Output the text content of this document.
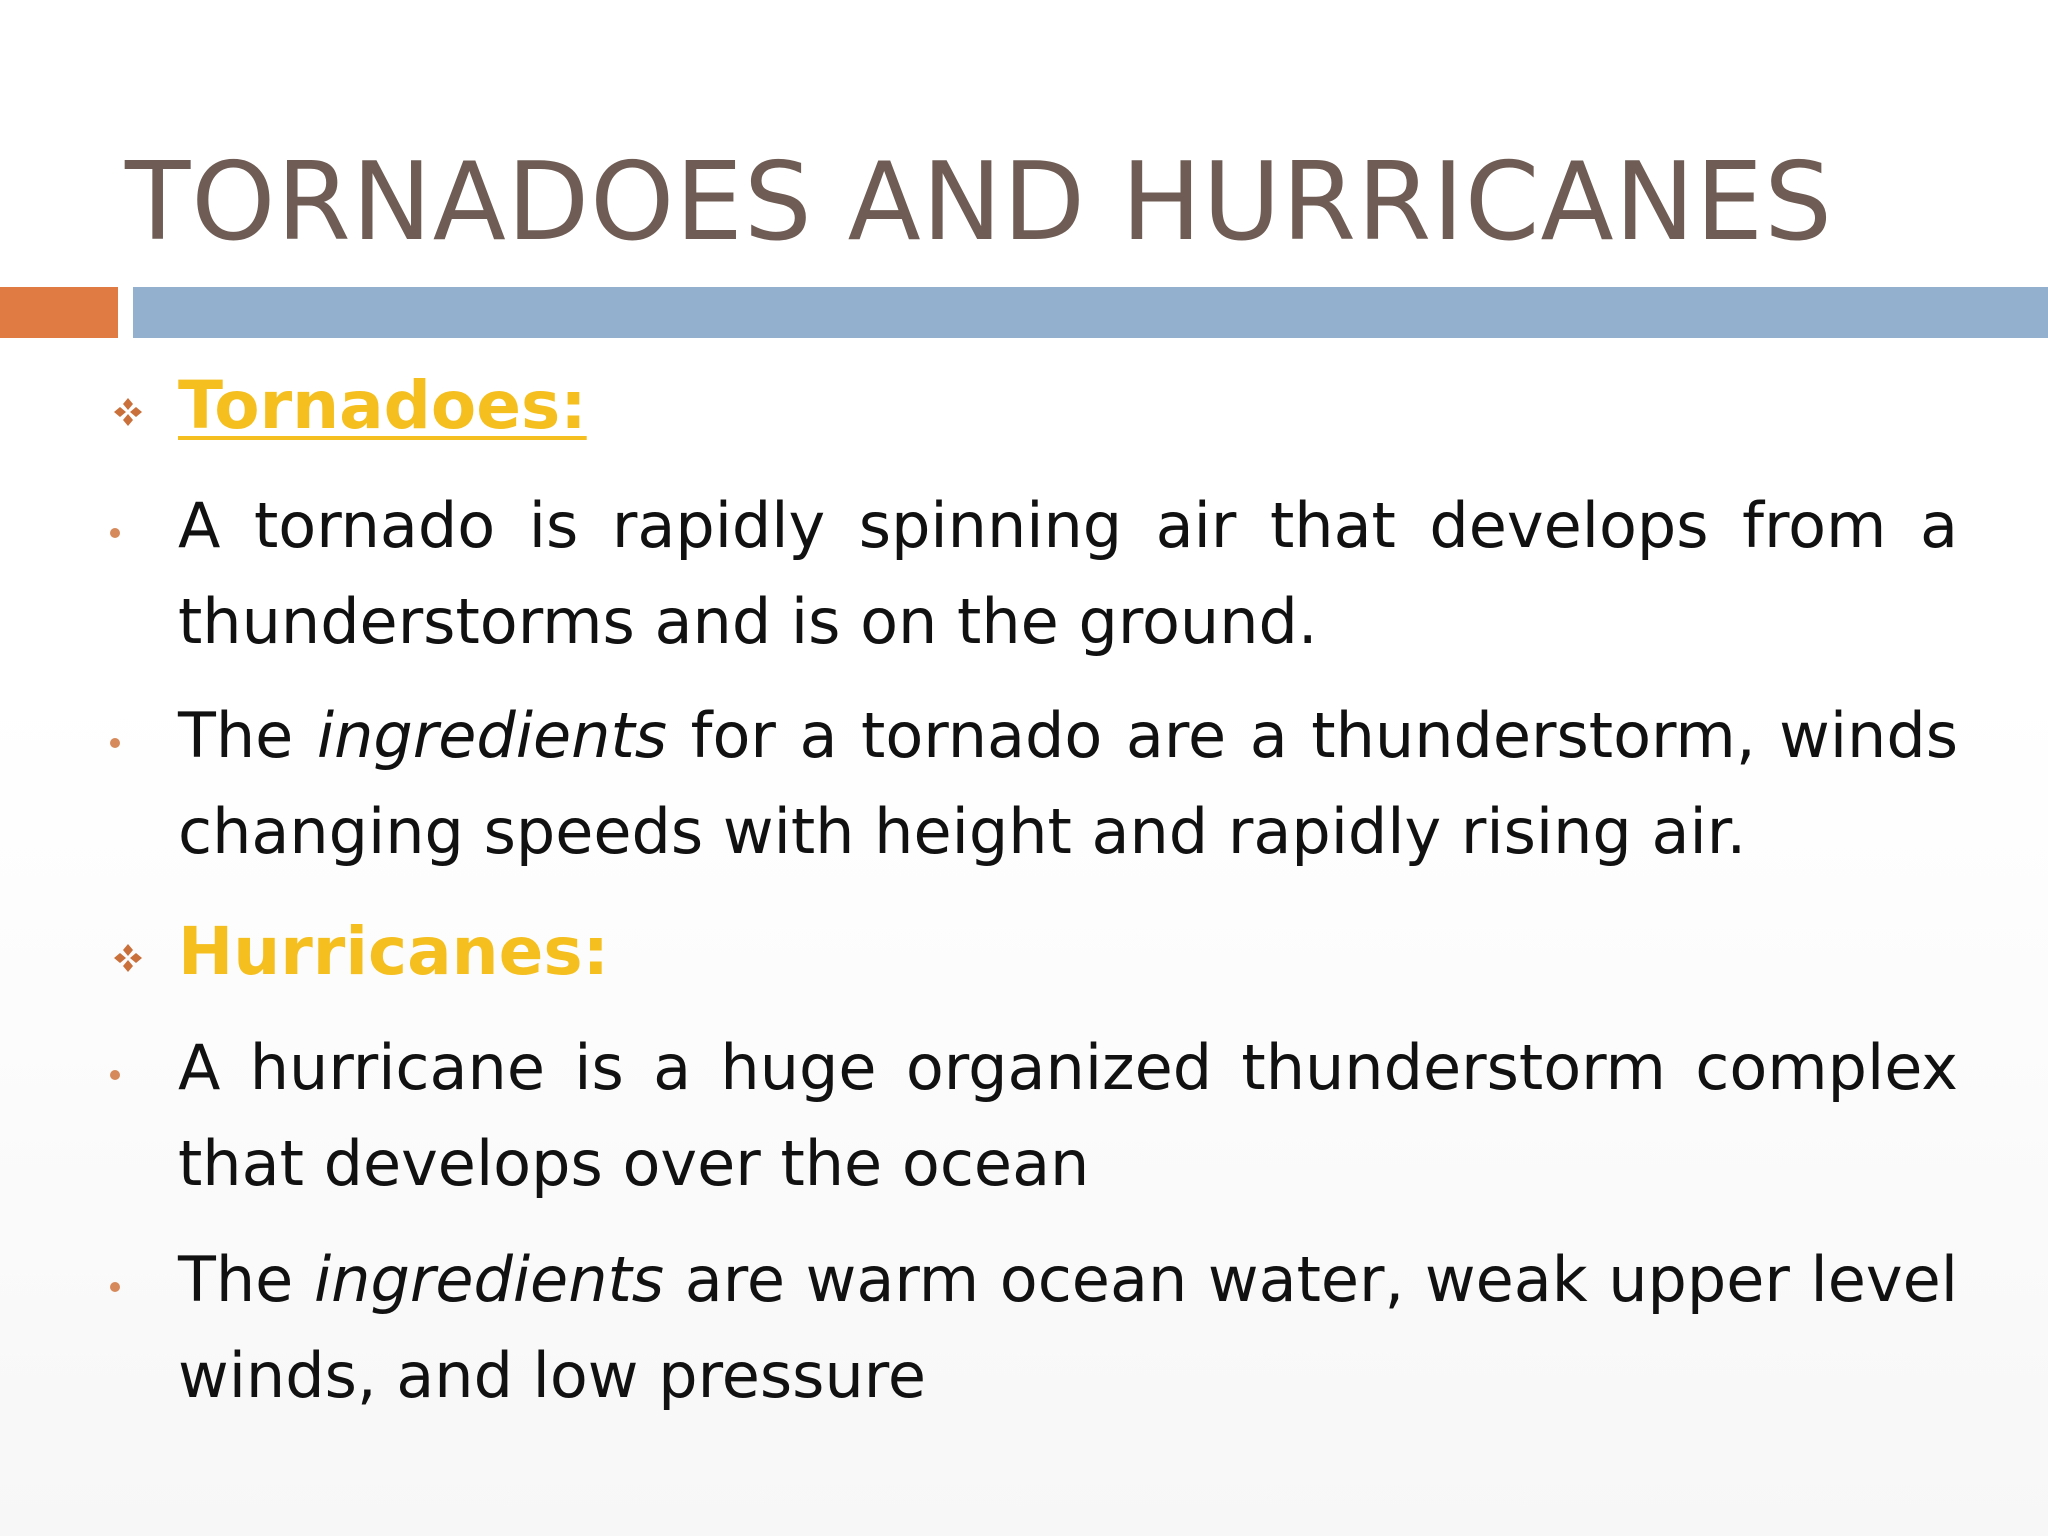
TORNADOES AND HURRICANES
Tornadoes:

A tornado is rapidly spinning air that develops from a thunderstorms and is on the ground.

The ingredients for a tornado are a thunderstorm, winds changing speeds with height and rapidly rising air.

Hurricanes:

A hurricane is a huge organized thunderstorm complex that develops over the ocean

The ingredients are warm ocean water, weak upper level winds, and low pressure
